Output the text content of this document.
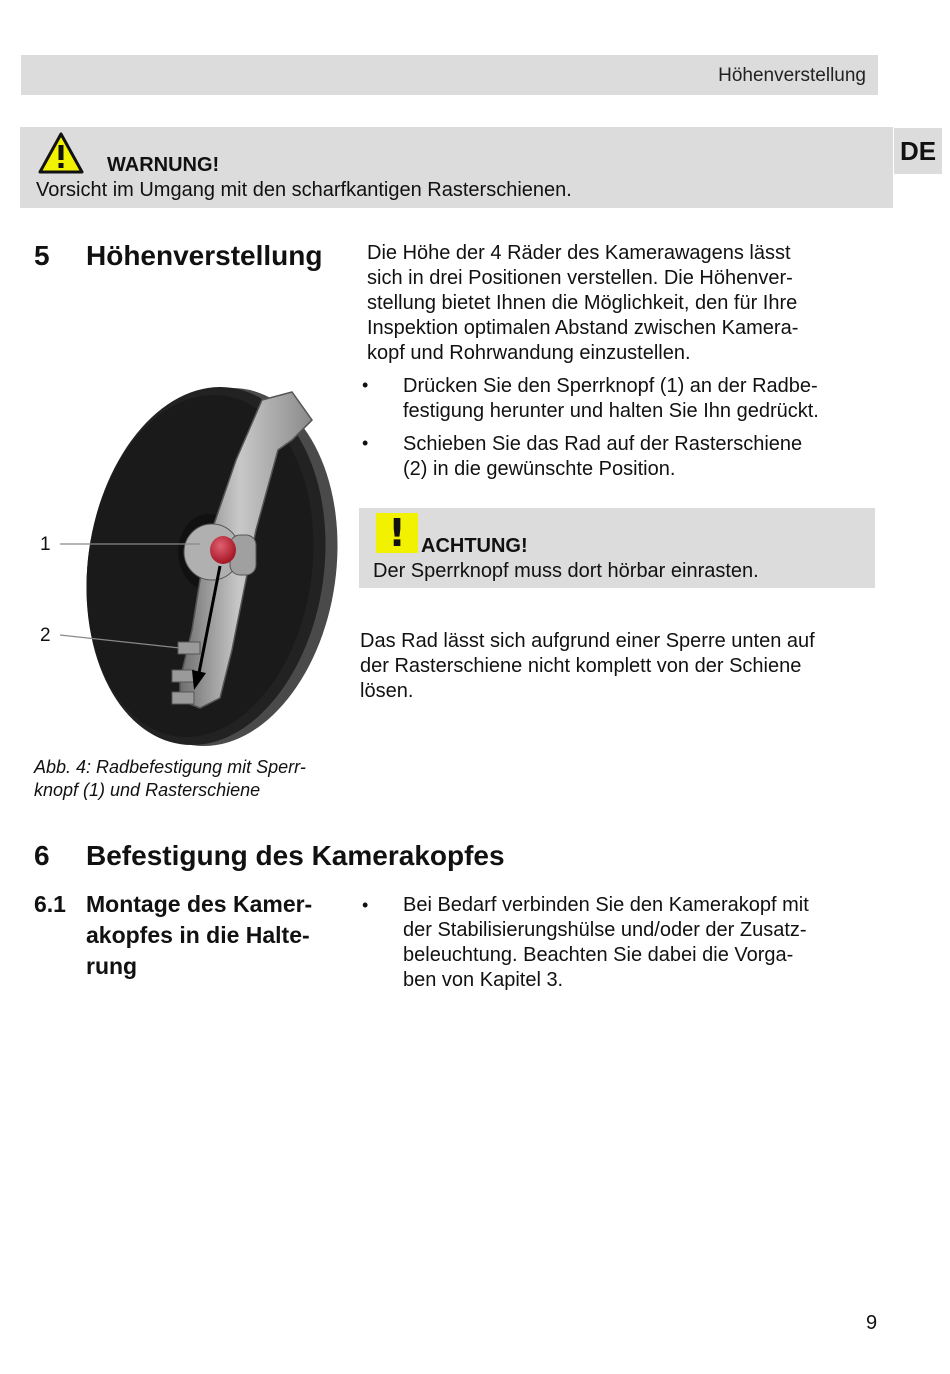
Höhenverstellung
DE
WARNUNG!
Vorsicht im Umgang mit den scharfkantigen Rasterschienen.
5 Höhenverstellung Die Höhe der 4 Räder des Kamerawagens lässt
sich in drei Positionen verstellen. Die Höhenver-
stellung bietet Ihnen die Möglichkeit, den für Ihre
Inspektion optimalen Abstand zwischen Kamera-
kopf und Rohrwandung einzustellen.
• Drücken Sie den Sperrknopf (1) an der Radbe-
festigung herunter und halten Sie Ihn gedrückt.
• Schieben Sie das Rad auf der Rasterschiene
(2) in die gewünschte Position.
! ACHTUNG!
Der Sperrknopf muss dort hörbar einrasten.
Das Rad lässt sich aufgrund einer Sperre unten auf
der Rasterschiene nicht komplett von der Schiene
lösen.
1
2
Abb. 4: Radbefestigung mit Sperr-
knopf (1) und Rasterschiene
6 Befestigung des Kamerakopfes
6.1 Montage des Kamer-
akopfes in die Halte-
rung
• Bei Bedarf verbinden Sie den Kamerakopf mit
der Stabilisierungshülse und/oder der Zusatz-
beleuchtung. Beachten Sie dabei die Vorga-
ben von Kapitel 3.
9
